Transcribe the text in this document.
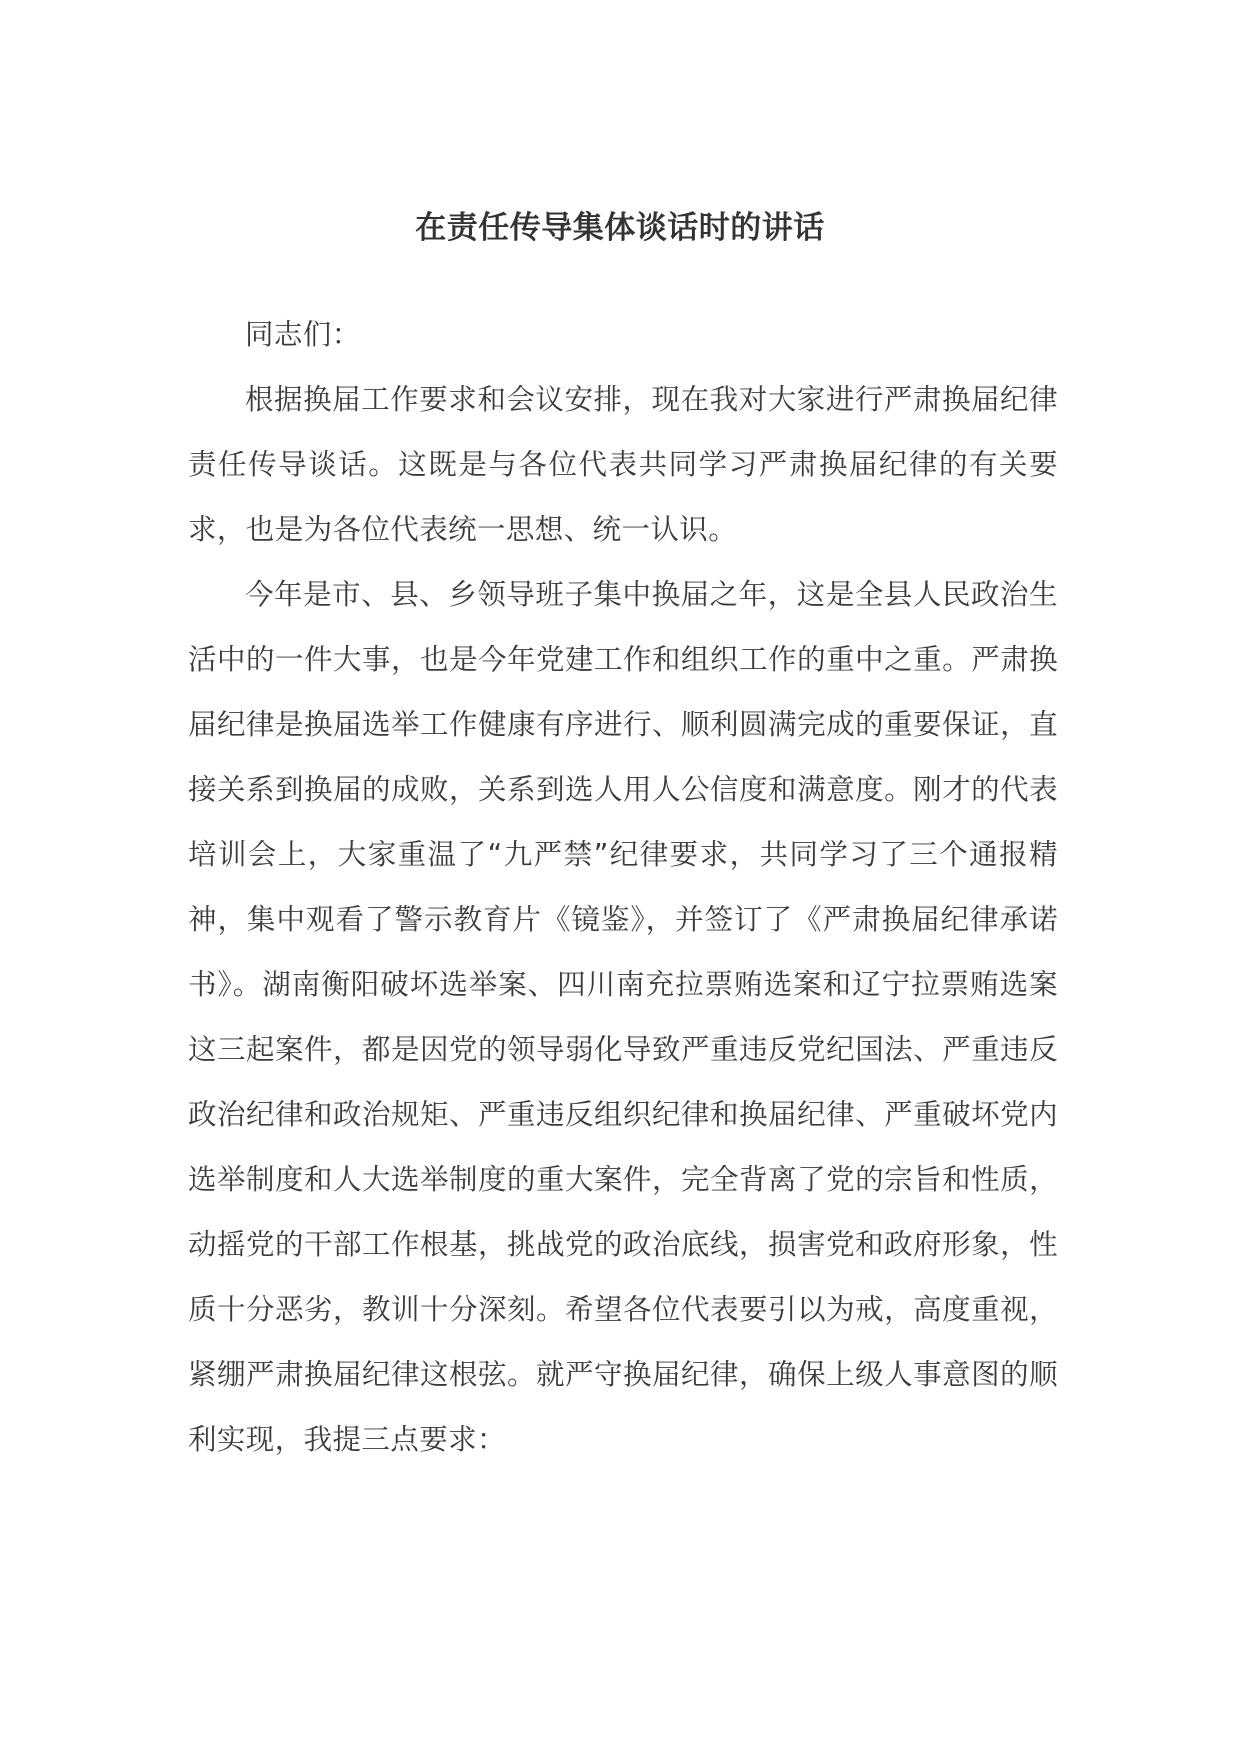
在责任传导集体谈话时的讲话

同志们：

根据换届工作要求和会议安排，现在我对大家进行严肃换届纪律责任传导谈话。这既是与各位代表共同学习严肃换届纪律的有关要求，也是为各位代表统一思想、统一认识。

今年是市、县、乡领导班子集中换届之年，这是全县人民政治生活中的一件大事，也是今年党建工作和组织工作的重中之重。严肃换届纪律是换届选举工作健康有序进行、顺利圆满完成的重要保证，直接关系到换届的成败，关系到选人用人公信度和满意度。刚才的代表培训会上，大家重温了“九严禁”纪律要求，共同学习了三个通报精神，集中观看了警示教育片《镜鉴》，并签订了《严肃换届纪律承诺书》。湖南衡阳破坏选举案、四川南充拉票贿选案和辽宁拉票贿选案这三起案件，都是因党的领导弱化导致严重违反党纪国法、严重违反政治纪律和政治规矩、严重违反组织纪律和换届纪律、严重破坏党内选举制度和人大选举制度的重大案件，完全背离了党的宗旨和性质，动摇党的干部工作根基，挑战党的政治底线，损害党和政府形象，性质十分恶劣，教训十分深刻。希望各位代表要引以为戒，高度重视，紧绷严肃换届纪律这根弦。就严守换届纪律，确保上级人事意图的顺利实现，我提三点要求：
